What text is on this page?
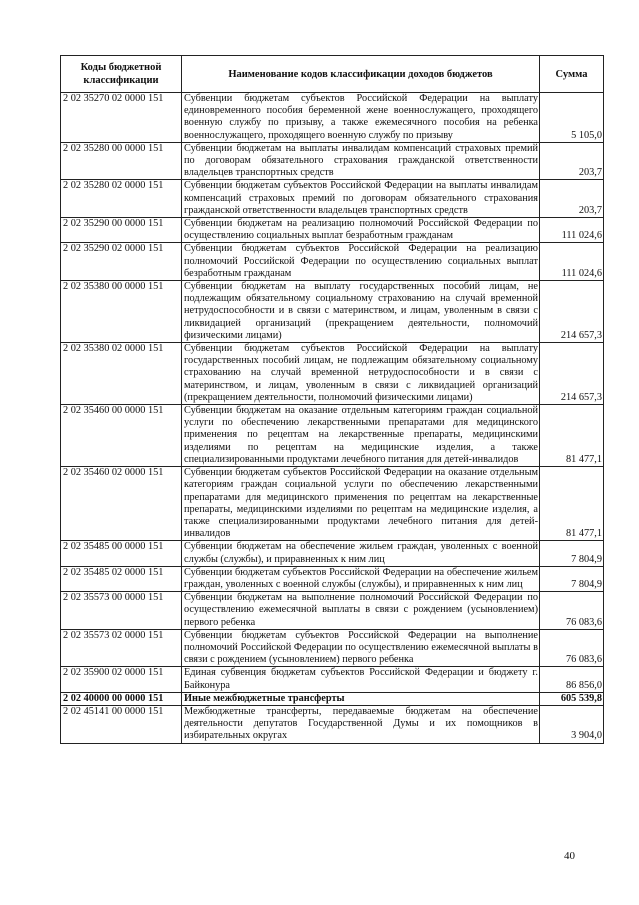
Коды бюджетной классификации	Наименование кодов классификации доходов бюджетов	Сумма
2 02 35270 02 0000 151	Субвенции бюджетам субъектов Российской Федерации на выплату единовременного пособия беременной жене военнослужащего, проходящего военную службу по призыву, а также ежемесячного пособия на ребенка военнослужащего, проходящего военную службу по призыву	5 105,0
2 02 35280 00 0000 151	Субвенции бюджетам на выплаты инвалидам компенсаций страховых премий по договорам обязательного страхования гражданской ответственности владельцев транспортных средств	203,7
2 02 35280 02 0000 151	Субвенции бюджетам субъектов Российской Федерации на выплаты инвалидам компенсаций страховых премий по договорам обязательного страхования гражданской ответственности владельцев транспортных средств	203,7
2 02 35290 00 0000 151	Субвенции бюджетам на реализацию полномочий Российской Федерации по осуществлению социальных выплат безработным гражданам	111 024,6
2 02 35290 02 0000 151	Субвенции бюджетам субъектов Российской Федерации на реализацию полномочий Российской Федерации по осуществлению социальных выплат безработным гражданам	111 024,6
2 02 35380 00 0000 151	Субвенции бюджетам на выплату государственных пособий лицам, не подлежащим обязательному социальному страхованию на случай временной нетрудоспособности и в связи с материнством, и лицам, уволенным в связи с ликвидацией организаций (прекращением деятельности, полномочий физическими лицами)	214 657,3
2 02 35380 02 0000 151	Субвенции бюджетам субъектов Российской Федерации на выплату государственных пособий лицам, не подлежащим обязательному социальному страхованию на случай временной нетрудоспособности и в связи с материнством, и лицам, уволенным в связи с ликвидацией организаций (прекращением деятельности, полномочий физическими лицами)	214 657,3
2 02 35460 00 0000 151	Субвенции бюджетам на оказание отдельным категориям граждан социальной услуги по обеспечению лекарственными препаратами для медицинского применения по рецептам на лекарственные препараты, медицинскими изделиями по рецептам на медицинские изделия, а также специализированными продуктами лечебного питания для детей-инвалидов	81 477,1
2 02 35460 02 0000 151	Субвенции бюджетам субъектов Российской Федерации на оказание отдельным категориям граждан социальной услуги по обеспечению лекарственными препаратами для медицинского применения по рецептам на лекарственные препараты, медицинскими изделиями по рецептам на медицинские изделия, а также специализированными продуктами лечебного питания для детей-инвалидов	81 477,1
2 02 35485 00 0000 151	Субвенции бюджетам на обеспечение жильем граждан, уволенных с военной службы (службы), и приравненных к ним лиц	7 804,9
2 02 35485 02 0000 151	Субвенции бюджетам субъектов Российской Федерации на обеспечение жильем граждан, уволенных с военной службы (службы), и приравненных к ним лиц	7 804,9
2 02 35573 00 0000 151	Субвенции бюджетам на выполнение полномочий Российской Федерации по осуществлению ежемесячной выплаты в связи с рождением (усыновлением) первого ребенка	76 083,6
2 02 35573 02 0000 151	Субвенции бюджетам субъектов Российской Федерации на выполнение полномочий Российской Федерации по осуществлению ежемесячной выплаты в связи с рождением (усыновлением) первого ребенка	76 083,6
2 02 35900 02 0000 151	Единая субвенция бюджетам субъектов Российской Федерации и бюджету г. Байконура	86 856,0
2 02 40000 00 0000 151	Иные межбюджетные трансферты	605 539,8
2 02 45141 00 0000 151	Межбюджетные трансферты, передаваемые бюджетам на обеспечение деятельности депутатов Государственной Думы и их помощников в избирательных округах	3 904,0
40
